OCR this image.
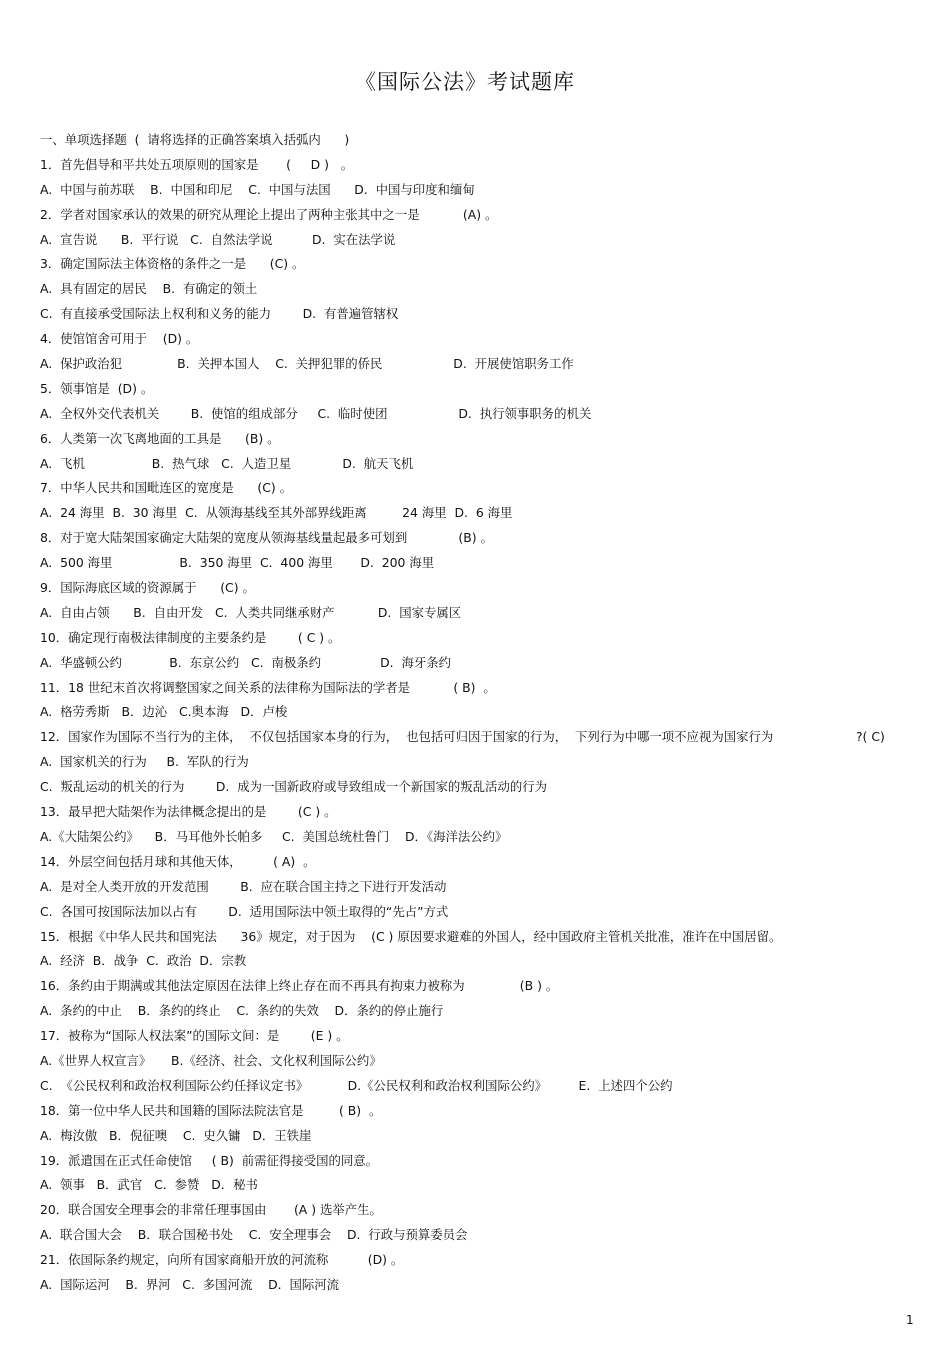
《国际公法》考试题库
一、单项选择题  (  请将选择的正确答案填入括弧内      )
1．首先倡导和平共处五项原则的国家是       (     D )   。
A.  中国与前苏联    B.  中国和印尼    C.  中国与法国      D.  中国与印度和缅甸
2．学者对国家承认的效果的研究从理论上提出了两种主张其中之一是           (A) 。
A.  宣告说      B.  平行说   C.  自然法学说          D.  实在法学说
3．确定国际法主体资格的条件之一是      (C) 。
A.  具有固定的居民    B.  有确定的领土
C.  有直接承受国际法上权利和义务的能力        D.  有普遍管辖权
4．使馆馆舍可用于    (D) 。
A.  保护政治犯              B.  关押本国人    C.  关押犯罪的侨民                  D.  开展使馆职务工作
5．领事馆是  (D) 。
A.  全权外交代表机关        B.  使馆的组成部分     C.  临时使团                  D.  执行领事职务的机关
6．人类第一次飞离地面的工具是      (B) 。
A.  飞机                 B.  热气球   C.  人造卫星             D.  航天飞机
7．中华人民共和国毗连区的宽度是      (C) 。
A.  24 海里  B.  30 海里  C.  从领海基线至其外部界线距离         24 海里  D.  6 海里
8．对于宽大陆架国家确定大陆架的宽度从领海基线量起最多可划到             (B) 。
A.  500 海里                 B.  350 海里  C.  400 海里       D.  200 海里
9．国际海底区域的资源属于      (C) 。
A.  自由占领      B.  自由开发   C.  人类共同继承财产           D.  国家专属区
10．确定现行南极法律制度的主要条约是        ( C ) 。
A.  华盛顿公约            B.  东京公约   C.  南极条约               D.  海牙条约
11．18 世纪末首次将调整国家之间关系的法律称为国际法的学者是           ( B)  。
A.  格劳秀斯   B．边沁   C.奥本海   D．卢梭
12．国家作为国际不当行为的主体，  不仅包括国家本身的行为，  也包括可归因于国家的行为，  下列行为中哪一项不应视为国家行为                     ?( C)
A.  国家机关的行为     B.  军队的行为
C.  叛乱运动的机关的行为        D.  成为一国新政府或导致组成一个新国家的叛乱活动的行为
13．最早把大陆架作为法律概念提出的是        (C ) 。
A.《大陆架公约》    B．马耳他外长帕多     C.  美国总统杜鲁门    D．《海洋法公约》
14．外层空间包括月球和其他天体，        ( A)  。
A.  是对全人类开放的开发范围        B.  应在联合国主持之下进行开发活动
C.  各国可按国际法加以占有        D.  适用国际法中领土取得的“先占”方式
15．根据《中华人民共和国宪法      36》规定，对于因为    (C ) 原因要求避难的外国人，经中国政府主管机关批准，准许在中国居留。
A.  经济  B．战争  C.  政治  D．宗教
16．条约由于期满或其他法定原因在法律上终止存在而不再具有拘束力被称为              (B ) 。
A.  条约的中止    B．条约的终止    C.  条约的失效    D．条约的停止施行
17．被称为“国际人权法案”的国际文间：是        (E ) 。
A.《世界人权宣言》     B.《经济、社会、文化权利国际公约》
C.  《公民权利和政治权利国际公约任择议定书》          D.《公民权利和政治权利国际公约》        E.  上述四个公约
18．第一位中华人民共和国籍的国际法院法官是         ( B)  。
A.  梅汝傲   B．倪征噢    C.  史久镛   D．王铁崖
19．派遣国在正式任命使馆     ( B)  前需征得接受国的同意。
A.  领事   B．武官   C.  参赞   D．秘书
20．联合国安全理事会的非常任理事国由       (A ) 选举产生。
A.  联合国大会    B．联合国秘书处    C.  安全理事会    D.  行政与预算委员会
21．依国际条约规定，向所有国家商船开放的河流称          (D) 。
A.  国际运河    B.  界河   C.  多国河流    D.  国际河流
1
